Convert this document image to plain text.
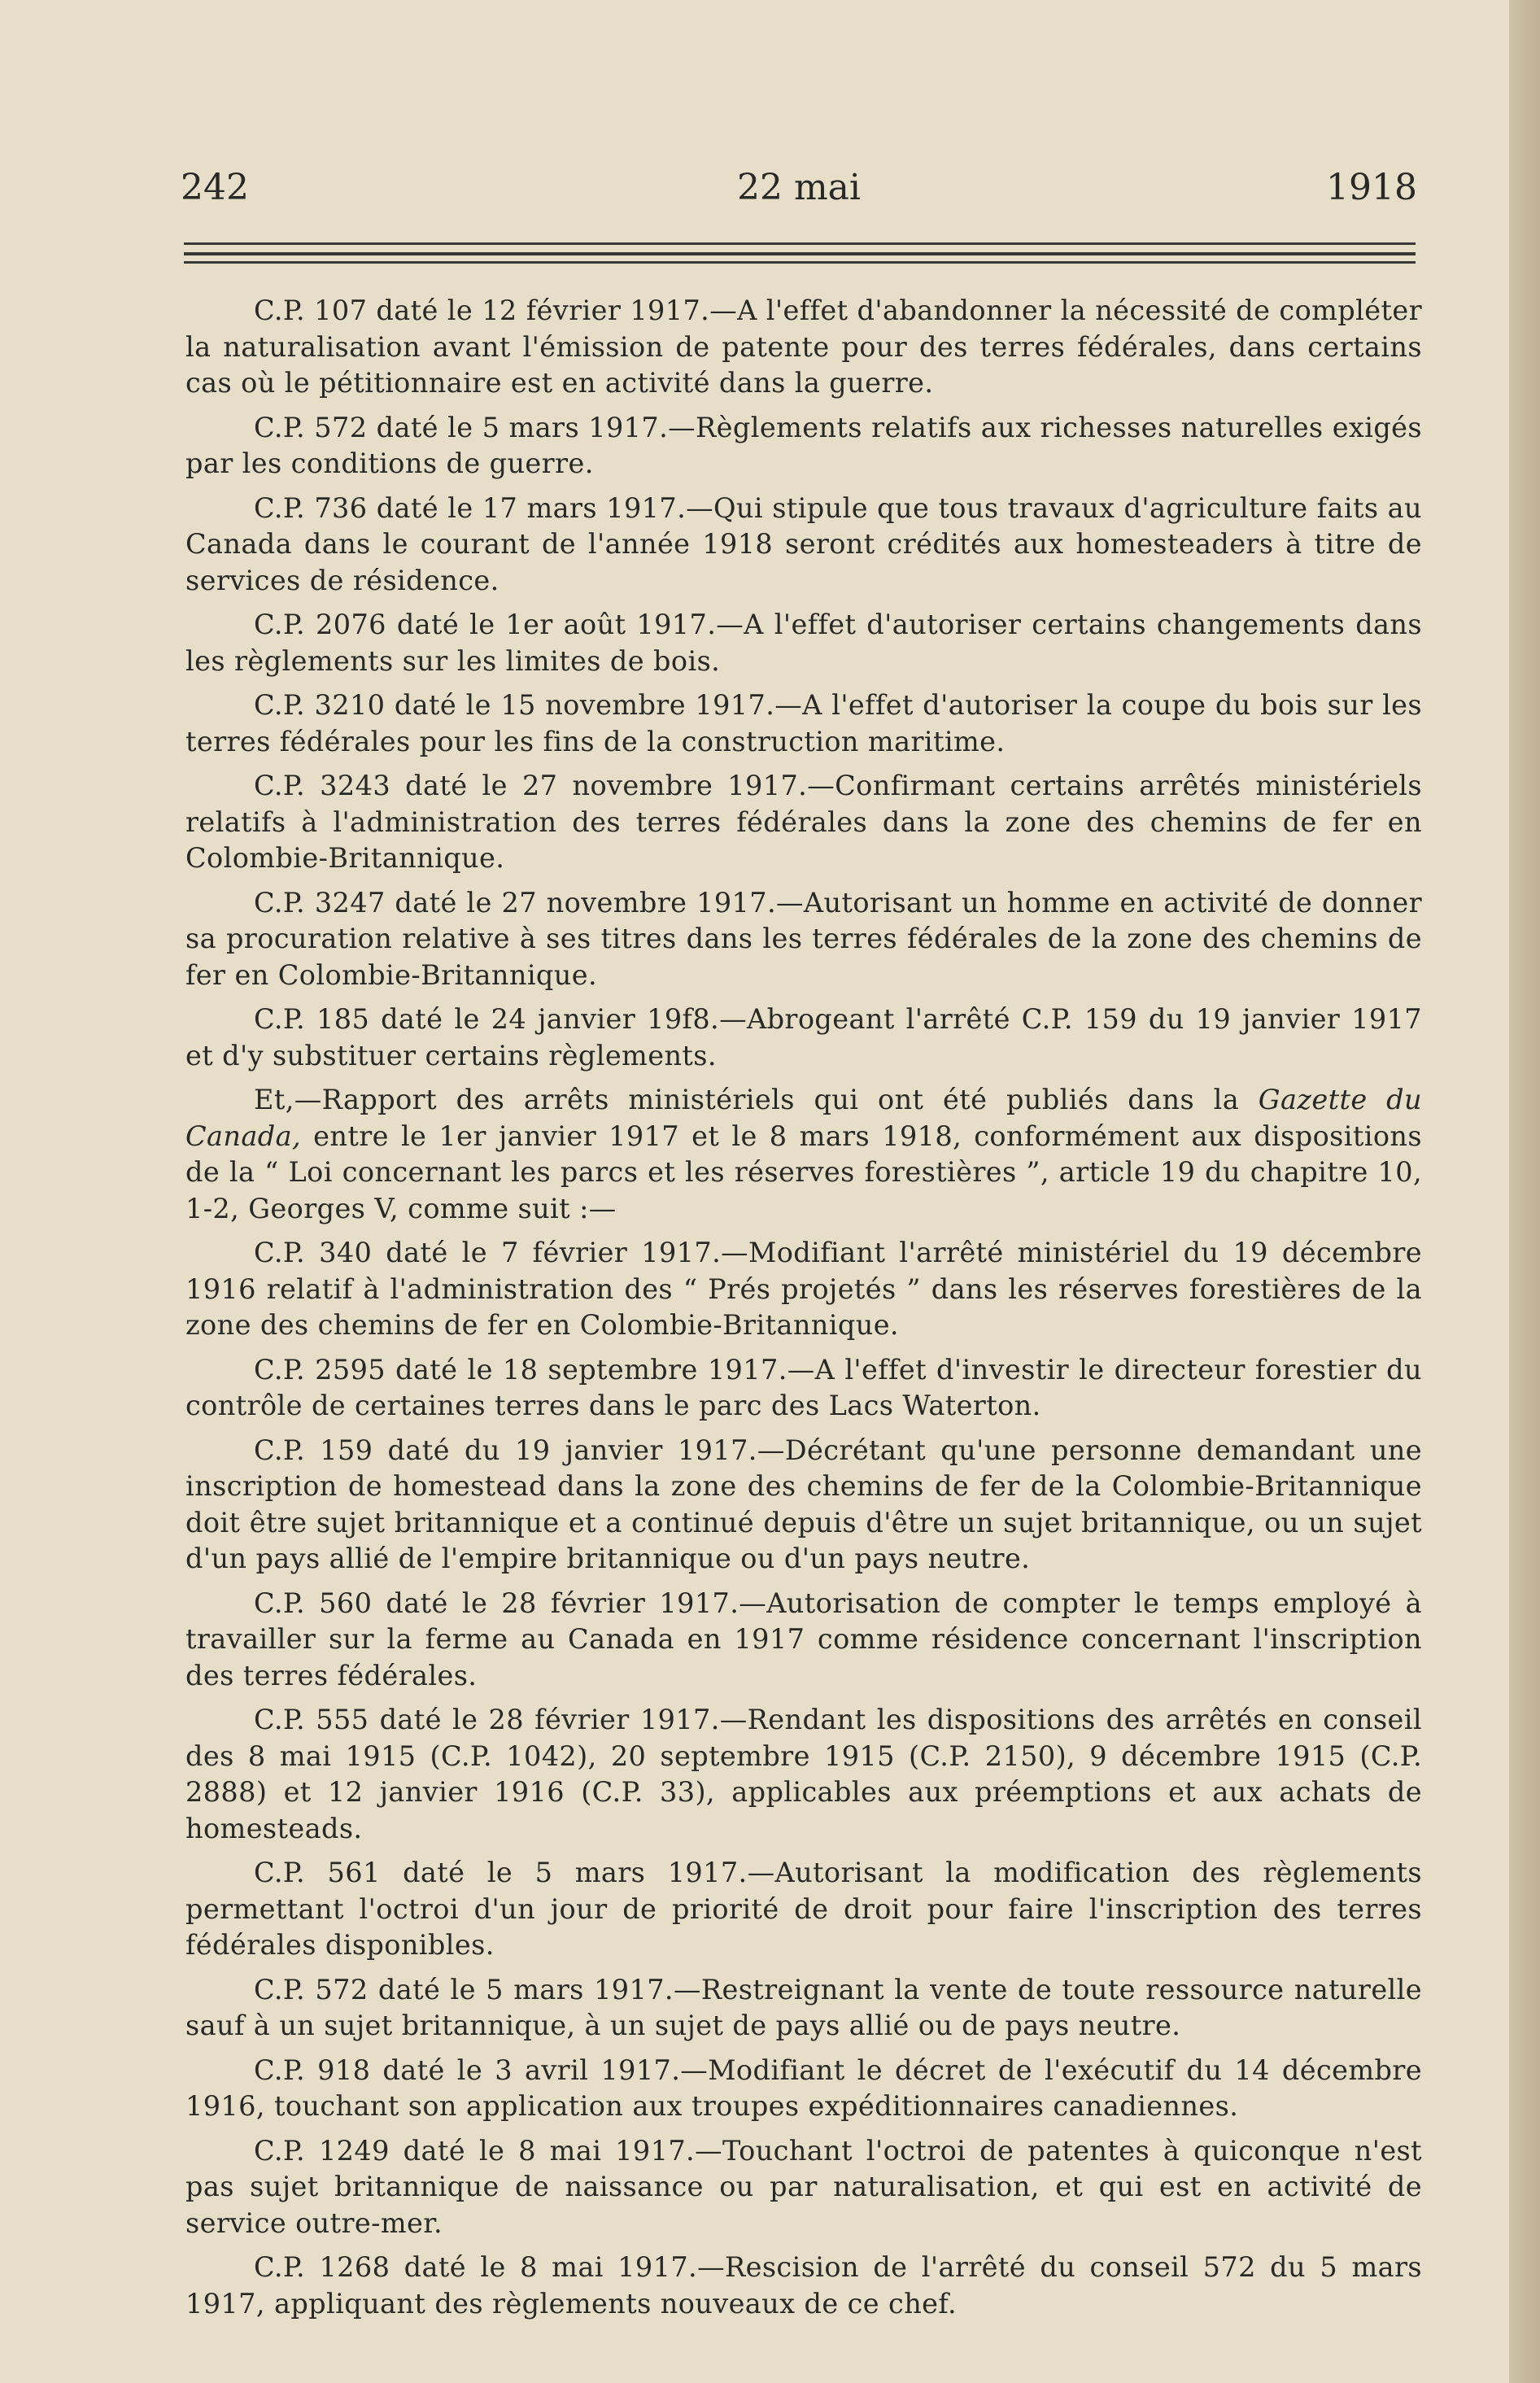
242	22 mai	1918

C.P. 107 daté le 12 février 1917.—A l'effet d'abandonner la nécessité de compléter la naturalisation avant l'émission de patente pour des terres fédérales, dans certains cas où le pétitionnaire est en activité dans la guerre.

C.P. 572 daté le 5 mars 1917.—Règlements relatifs aux richesses naturelles exigés par les conditions de guerre.

C.P. 736 daté le 17 mars 1917.—Qui stipule que tous travaux d'agriculture faits au Canada dans le courant de l'année 1918 seront crédités aux homesteaders à titre de services de résidence.

C.P. 2076 daté le 1er août 1917.—A l'effet d'autoriser certains changements dans les règlements sur les limites de bois.

C.P. 3210 daté le 15 novembre 1917.—A l'effet d'autoriser la coupe du bois sur les terres fédérales pour les fins de la construction maritime.

C.P. 3243 daté le 27 novembre 1917.—Confirmant certains arrêtés ministériels relatifs à l'administration des terres fédérales dans la zone des chemins de fer en Colombie-Britannique.

C.P. 3247 daté le 27 novembre 1917.—Autorisant un homme en activité de donner sa procuration relative à ses titres dans les terres fédérales de la zone des chemins de fer en Colombie-Britannique.

C.P. 185 daté le 24 janvier 19f8.—Abrogeant l'arrêté C.P. 159 du 19 janvier 1917 et d'y substituer certains règlements.

Et,—Rapport des arrêts ministériels qui ont été publiés dans la Gazette du Canada, entre le 1er janvier 1917 et le 8 mars 1918, conformément aux dispositions de la “ Loi concernant les parcs et les réserves forestières ”, article 19 du chapitre 10, 1-2, Georges V, comme suit :—

C.P. 340 daté le 7 février 1917.—Modifiant l'arrêté ministériel du 19 décembre 1916 relatif à l'administration des “ Prés projetés ” dans les réserves forestières de la zone des chemins de fer en Colombie-Britannique.

C.P. 2595 daté le 18 septembre 1917.—A l'effet d'investir le directeur forestier du contrôle de certaines terres dans le parc des Lacs Waterton.

C.P. 159 daté du 19 janvier 1917.—Décrétant qu'une personne demandant une inscription de homestead dans la zone des chemins de fer de la Colombie-Britannique doit être sujet britannique et a continué depuis d'être un sujet britannique, ou un sujet d'un pays allié de l'empire britannique ou d'un pays neutre.

C.P. 560 daté le 28 février 1917.—Autorisation de compter le temps employé à travailler sur la ferme au Canada en 1917 comme résidence concernant l'inscription des terres fédérales.

C.P. 555 daté le 28 février 1917.—Rendant les dispositions des arrêtés en conseil des 8 mai 1915 (C.P. 1042), 20 septembre 1915 (C.P. 2150), 9 décembre 1915 (C.P. 2888) et 12 janvier 1916 (C.P. 33), applicables aux préemptions et aux achats de homesteads.

C.P. 561 daté le 5 mars 1917.—Autorisant la modification des règlements permettant l'octroi d'un jour de priorité de droit pour faire l'inscription des terres fédérales disponibles.

C.P. 572 daté le 5 mars 1917.—Restreignant la vente de toute ressource naturelle sauf à un sujet britannique, à un sujet de pays allié ou de pays neutre.

C.P. 918 daté le 3 avril 1917.—Modifiant le décret de l'exécutif du 14 décembre 1916, touchant son application aux troupes expéditionnaires canadiennes.

C.P. 1249 daté le 8 mai 1917.—Touchant l'octroi de patentes à quiconque n'est pas sujet britannique de naissance ou par naturalisation, et qui est en activité de service outre-mer.

C.P. 1268 daté le 8 mai 1917.—Rescision de l'arrêté du conseil 572 du 5 mars 1917, appliquant des règlements nouveaux de ce chef.
